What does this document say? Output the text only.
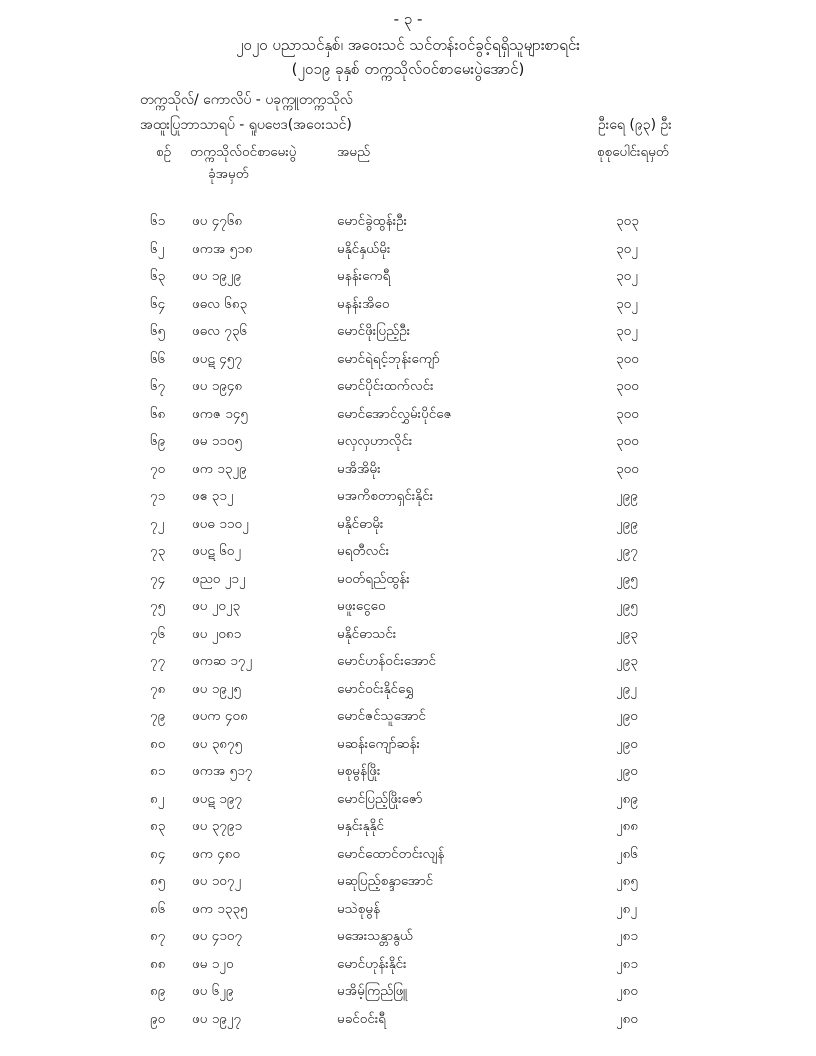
- ၃ -
၂၀၂၀ ပညာသင်နှစ်၊ အဝေးသင် သင်တန်းဝင်ခွင့်ရရှိသူများစာရင်း
(၂၀၁၉ ခုနှစ် တက္ကသိုလ်ဝင်စာမေးပွဲအောင်)
တက္ကသိုလ်/ ကောလိပ် - ပခုက္ကူတက္ကသိုလ်
အထူးပြုဘာသာရပ် - ရူပဗေဒ(အဝေးသင်)	ဦးရေ (၉၃) ဦး
စဉ် တက္ကသိုလ်ဝင်စာမေးပွဲ
ခုံအမှတ်
အမည်	စုစုပေါင်းရမှတ်
၆၁	ဖပ ၄၇၆၈	မောင်ခွဲထွန်းဦး	၃၀၃
၆၂	ဖကအ ၅၁၈	မနိုင်နှယ်မိုး	၃၀၂
၆၃	ဖပ ၁၉၂၉	မနန်းကေရီ	၃၀၂
၆၄	ဖဓလ ၆၈၃	မနန်းအိဝေ	၃၀၂
၆၅	ဖဓလ ၇၃၆	မောင်ဖိုးပြည့်ဦး	၃၀၂
၆၆	ဖပဋ ၄၅၇	မောင်ရဲရင့်ဘုန်းကျော်	၃၀၀
၆၇	ဖပ ၁၉၄၈	မောင်ပိုင်းထက်လင်း	၃၀၀
၆၈	ဖကဇ ၁၄၅	မောင်အောင်လွှမ်းပိုင်ဇေ	၃၀၀
၆၉	ဖမ ၁၁၀၅	မလှလှဟာလိုင်း	၃၀၀
၇၀	ဖက ၁၃၂၉	မအိအိမိုး	၃၀၀
၇၁	ဖဧ ၃၁၂	မအကိစတာရှင်းနိုင်း	၂၉၉
၇၂	ဖပဓ ၁၁၀၂	မနိုင်ဓာမိုး	၂၉၉
၇၃	ဖပဋ ၆၀၂	မရတီလင်း	၂၉၇
၇၄	ဖညဝ ၂၁၂	မဝတ်ရည်ထွန်း	၂၉၅
၇၅	ဖပ ၂၀၂၃	မဖူးငွေဝေ	၂၉၅
၇၆	ဖပ ၂၀၈၁	မနိုင်ဓာသင်း	၂၉၃
၇၇	ဖကဆ ၁၇၂	မောင်ဟန်ဝင်းအောင်	၂၉၃
၇၈	ဖပ ၁၉၂၅	မောင်ဝင်းနိုင်ရွှေ	၂၉၂
၇၉	ဖပက ၄၀၈	မောင်ဇင်သူအောင်	၂၉၀
၈၀	ဖပ ၃၈၇၅	မဆန်းကျော်ဆန်း	၂၉၀
၈၁	ဖကအ ၅၁၇	မစုမွန်ဖြိုး	၂၉၀
၈၂	ဖပဋ ၁၉၇	မောင်ပြည့်ဖြိုးဇော်	၂၈၉
၈၃	ဖပ ၃၇၉၁	မနှင်းနုနိုင်	၂၈၈
၈၄	ဖက ၄၈၀	မောင်ထောင်တင်းလျန်	၂၈၆
၈၅	ဖပ ၁၀၇၂	မဆုပြည့်စန္ဒာအောင်	၂၈၅
၈၆	ဖက ၁၃၃၅	မသဲစုမွန်	၂၈၂
၈၇	ဖပ ၄၁၀၇	မအေးသန္တာနွယ်	၂၈၁
၈၈	ဖမ ၁၂၀	မောင်ဟုန်းနိုင်း	၂၈၁
၈၉	ဖပ ၆၂၉	မအိမ့်ကြည်ဖြူ	၂၈၀
၉၀	ဖပ ၁၉၂၇	မခင်ဝင်းရီ	၂၈၀
